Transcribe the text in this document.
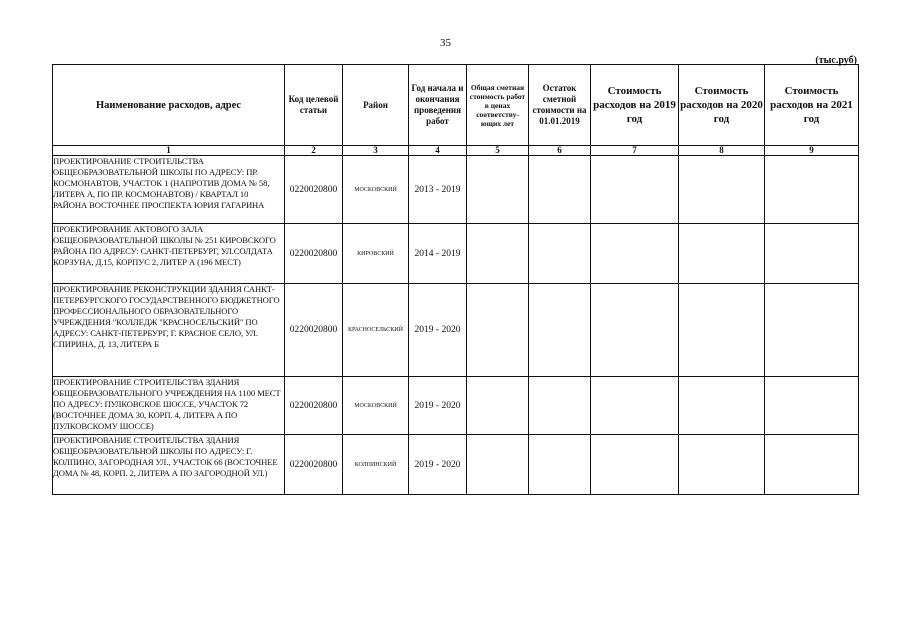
35
(тыс.руб)
Наименование расходов, адрес	Код целевой статьи	Район	Год начала и окончания проведения работ	Общая сметная стоимость работ в ценах соответству-ющих лет	Остаток сметной стоимости на 01.01.2019	Стоимость расходов на 2019 год	Стоимость расходов на 2020 год	Стоимость расходов на 2021 год
1	2	3	4	5	6	7	8	9
ПРОЕКТИРОВАНИЕ СТРОИТЕЛЬСТВА ОБЩЕОБРАЗОВАТЕЛЬНОЙ ШКОЛЫ ПО АДРЕСУ: ПР. КОСМОНАВТОВ, УЧАСТОК 1 (НАПРОТИВ ДОМА № 58, ЛИТЕРА А, ПО ПР. КОСМОНАВТОВ) / КВАРТАЛ 10 РАЙОНА ВОСТОЧНЕЕ ПРОСПЕКТА ЮРИЯ ГАГАРИНА	0220020800	МОСКОВСКИЙ	2013 - 2019					
ПРОЕКТИРОВАНИЕ АКТОВОГО ЗАЛА ОБЩЕОБРАЗОВАТЕЛЬНОЙ ШКОЛЫ № 251 КИРОВСКОГО РАЙОНА ПО АДРЕСУ: САНКТ-ПЕТЕРБУРГ, УЛ.СОЛДАТА КОРЗУНА, Д.15, КОРПУС 2, ЛИТЕР А (196 МЕСТ)	0220020800	КИРОВСКИЙ	2014 - 2019					
ПРОЕКТИРОВАНИЕ РЕКОНСТРУКЦИИ ЗДАНИЯ САНКТ-ПЕТЕРБУРГСКОГО ГОСУДАРСТВЕННОГО БЮДЖЕТНОГО ПРОФЕССИОНАЛЬНОГО ОБРАЗОВАТЕЛЬНОГО УЧРЕЖДЕНИЯ "КОЛЛЕДЖ "КРАСНОСЕЛЬСКИЙ" ПО АДРЕСУ: САНКТ-ПЕТЕРБУРГ, Г. КРАСНОЕ СЕЛО, УЛ. СПИРИНА, Д. 13, ЛИТЕРА Б	0220020800	КРАСНОСЕЛЬСКИЙ	2019 - 2020					
ПРОЕКТИРОВАНИЕ СТРОИТЕЛЬСТВА ЗДАНИЯ ОБЩЕОБРАЗОВАТЕЛЬНОГО УЧРЕЖДЕНИЯ НА 1100 МЕСТ ПО АДРЕСУ: ПУЛКОВСКОЕ ШОССЕ, УЧАСТОК 72 (ВОСТОЧНЕЕ ДОМА 30, КОРП. 4, ЛИТЕРА А ПО ПУЛКОВСКОМУ ШОССЕ)	0220020800	МОСКОВСКИЙ	2019 - 2020					
ПРОЕКТИРОВАНИЕ СТРОИТЕЛЬСТВА ЗДАНИЯ ОБЩЕОБРАЗОВАТЕЛЬНОЙ ШКОЛЫ ПО АДРЕСУ: Г. КОЛПИНО, ЗАГОРОДНАЯ УЛ., УЧАСТОК 66 (ВОСТОЧНЕЕ ДОМА № 48, КОРП. 2, ЛИТЕРА А ПО ЗАГОРОДНОЙ УЛ.)	0220020800	КОЛПИНСКИЙ	2019 - 2020					
